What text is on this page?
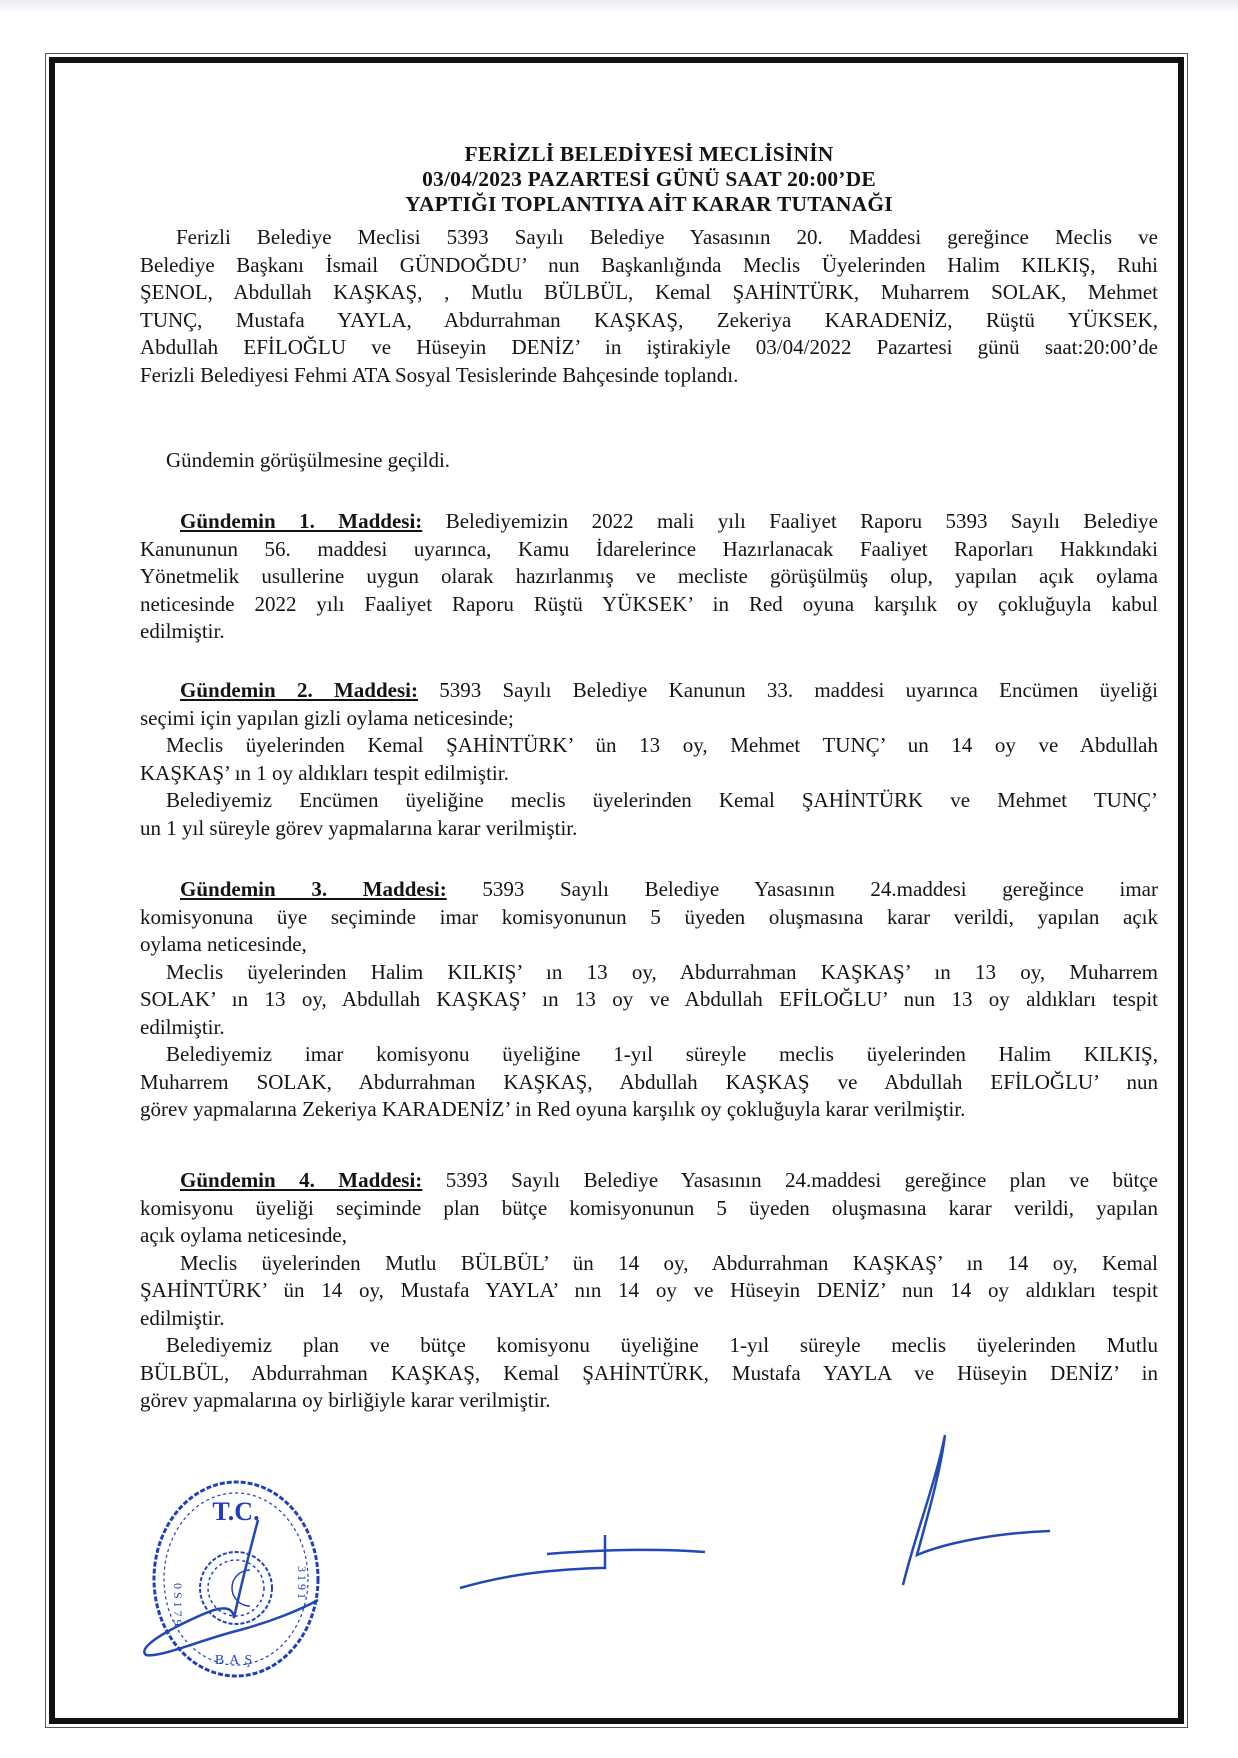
FERİZLİ BELEDİYESİ MECLİSİNİN
03/04/2023 PAZARTESİ GÜNÜ SAAT 20:00’DE
YAPTIĞI TOPLANTIYA AİT KARAR TUTANAĞI
Ferizli Belediye Meclisi 5393 Sayılı Belediye Yasasının 20. Maddesi gereğince Meclis ve
Belediye Başkanı İsmail GÜNDOĞDU’ nun Başkanlığında Meclis Üyelerinden Halim KILKIŞ, Ruhi
ŞENOL, Abdullah KAŞKAŞ, , Mutlu BÜLBÜL, Kemal ŞAHİNTÜRK, Muharrem SOLAK, Mehmet
TUNÇ, Mustafa YAYLA, Abdurrahman KAŞKAŞ, Zekeriya KARADENİZ, Rüştü YÜKSEK,
Abdullah EFİLOĞLU ve Hüseyin DENİZ’ in iştirakiyle 03/04/2022 Pazartesi günü saat:20:00’de
Ferizli Belediyesi Fehmi ATA Sosyal Tesislerinde Bahçesinde toplandı.
Gündemin görüşülmesine geçildi.
Gündemin 1. Maddesi: Belediyemizin 2022 mali yılı Faaliyet Raporu 5393 Sayılı Belediye
Kanununun 56. maddesi uyarınca, Kamu İdarelerince Hazırlanacak Faaliyet Raporları Hakkındaki
Yönetmelik usullerine uygun olarak hazırlanmış ve mecliste görüşülmüş olup, yapılan açık oylama
neticesinde 2022 yılı Faaliyet Raporu Rüştü YÜKSEK’ in Red oyuna karşılık oy çokluğuyla kabul
edilmiştir.
Gündemin 2. Maddesi: 5393 Sayılı Belediye Kanunun 33. maddesi uyarınca Encümen üyeliği
seçimi için yapılan gizli oylama neticesinde;
Meclis üyelerinden Kemal ŞAHİNTÜRK’ ün 13 oy, Mehmet TUNÇ’ un 14 oy ve Abdullah
KAŞKAŞ’ ın 1 oy aldıkları tespit edilmiştir.
Belediyemiz Encümen üyeliğine meclis üyelerinden Kemal ŞAHİNTÜRK ve Mehmet TUNÇ’
un 1 yıl süreyle görev yapmalarına karar verilmiştir.
Gündemin 3. Maddesi: 5393 Sayılı Belediye Yasasının 24.maddesi gereğince imar
komisyonuna üye seçiminde imar komisyonunun 5 üyeden oluşmasına karar verildi, yapılan açık
oylama neticesinde,
Meclis üyelerinden Halim KILKIŞ’ ın 13 oy, Abdurrahman KAŞKAŞ’ ın 13 oy, Muharrem
SOLAK’ ın 13 oy, Abdullah KAŞKAŞ’ ın 13 oy ve Abdullah EFİLOĞLU’ nun 13 oy aldıkları tespit
edilmiştir.
Belediyemiz imar komisyonu üyeliğine 1-yıl süreyle meclis üyelerinden Halim KILKIŞ,
Muharrem SOLAK, Abdurrahman KAŞKAŞ, Abdullah KAŞKAŞ ve Abdullah EFİLOĞLU’ nun
görev yapmalarına Zekeriya KARADENİZ’ in Red oyuna karşılık oy çokluğuyla karar verilmiştir.
Gündemin 4. Maddesi: 5393 Sayılı Belediye Yasasının 24.maddesi gereğince plan ve bütçe
komisyonu üyeliği seçiminde plan bütçe komisyonunun 5 üyeden oluşmasına karar verildi, yapılan
açık oylama neticesinde,
Meclis üyelerinden Mutlu BÜLBÜL’ ün 14 oy, Abdurrahman KAŞKAŞ’ ın 14 oy, Kemal
ŞAHİNTÜRK’ ün 14 oy, Mustafa YAYLA’ nın 14 oy ve Hüseyin DENİZ’ nun 14 oy aldıkları tespit
edilmiştir.
Belediyemiz plan ve bütçe komisyonu üyeliğine 1-yıl süreyle meclis üyelerinden Mutlu
BÜLBÜL, Abdurrahman KAŞKAŞ, Kemal ŞAHİNTÜRK, Mustafa YAYLA ve Hüseyin DENİZ’ in
görev yapmalarına oy birliğiyle karar verilmiştir.
T.C.
BAŞ
0 S 1 7 9
3 1 9 1
